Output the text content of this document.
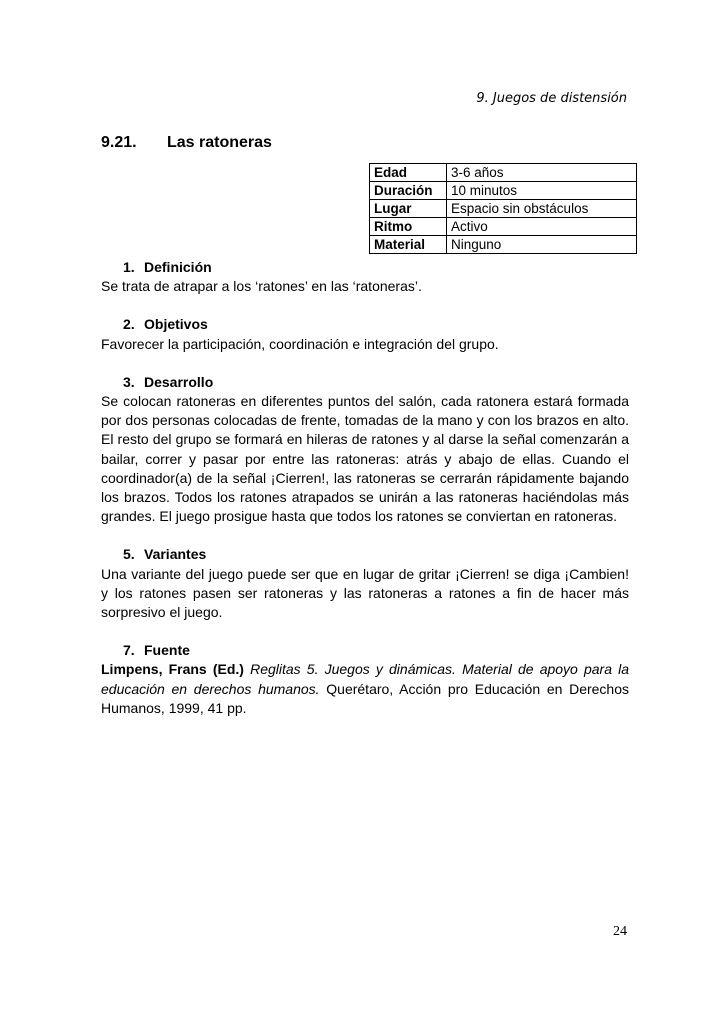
9. Juegos de distensión
9.21. Las ratoneras
Edad	3-6 años
Duración	10 minutos
Lugar	Espacio sin obstáculos
Ritmo	Activo
Material	Ninguno
1. Definición

Se trata de atrapar a los ‘ratones’ en las ‘ratoneras’.

2. Objetivos

Favorecer la participación, coordinación e integración del grupo.

3. Desarrollo

Se colocan ratoneras en diferentes puntos del salón, cada ratonera estará formada por dos personas colocadas de frente, tomadas de la mano y con los brazos en alto. El resto del grupo se formará en hileras de ratones y al darse la señal comenzarán a bailar, correr y pasar por entre las ratoneras: atrás y abajo de ellas. Cuando el coordinador(a) de la señal ¡Cierren!, las ratoneras se cerrarán rápidamente bajando los brazos. Todos los ratones atrapados se unirán a las ratoneras haciéndolas más grandes. El juego prosigue hasta que todos los ratones se conviertan en ratoneras.

5. Variantes

Una variante del juego puede ser que en lugar de gritar ¡Cierren! se diga ¡Cambien! y los ratones pasen ser ratoneras y las ratoneras a ratones a fin de hacer más sorpresivo el juego.

7. Fuente

Limpens, Frans (Ed.) Reglitas 5. Juegos y dinámicas. Material de apoyo para la educación en derechos humanos. Querétaro, Acción pro Educación en Derechos Humanos, 1999, 41 pp.

24
